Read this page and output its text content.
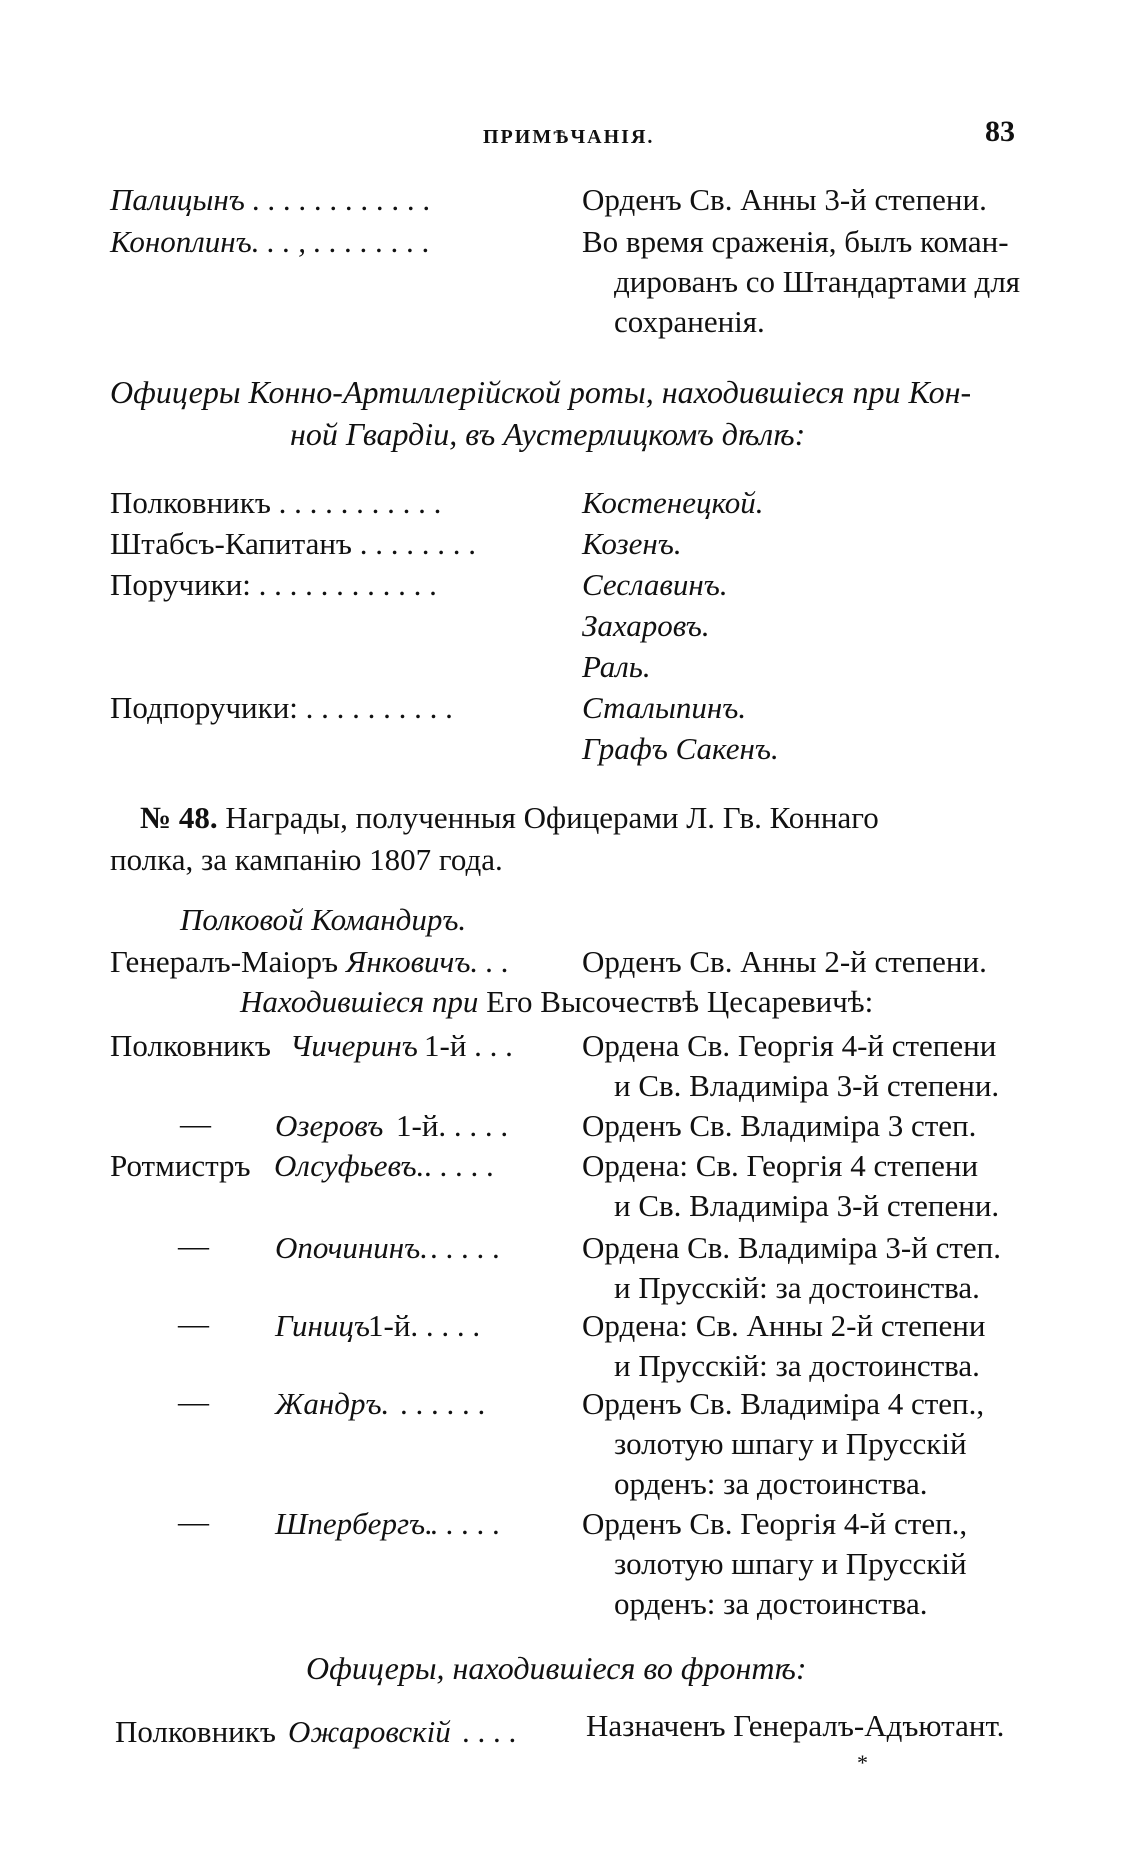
ПРИМѢЧАНІЯ.	83
Палицынъ . . . . . . . . . . . .	Орденъ Св. Анны 3-й степени.
Коноплинъ. . . , . . . . . . . .	Во время сраженія, былъ коман-
дированъ со Штандартами для
сохраненія.
Офицеры Конно-Артиллерійской роты, находившіеся при Кон-
ной Гвардіи, въ Аустерлицкомъ дѣлѣ:
Полковникъ . . . . . . . . . . .	Костенецкой.
Штабсъ-Капитанъ . . . . . . . .	Козенъ.
Поручики: . . . . . . . . . . . .	Сеславинъ.
Захаровъ.
Раль.
Подпоручики: . . . . . . . . . .	Сталыпинъ.
Графъ Сакенъ.
№ 48. Награды, полученныя Офицерами Л. Гв. Коннаго
полка, за кампанію 1807 года.
Полковой Командиръ.
Генералъ-Маіоръ Янковичъ. . . Орденъ Св. Анны 2-й степени.
Находившіеся при Его Высочествѣ Цесаревичѣ:
Полковникъ Чичеринъ 1-й . . . Ордена Св. Георгія 4-й степени
и Св. Владиміра 3-й степени.
— Озеровъ 1-й. . . . . Орденъ Св. Владиміра 3 степ.
Ротмистръ Олсуфьевъ. . . . . .	Ордена: Св. Георгія 4 степени
и Св. Владиміра 3-й степени.
— Опочининъ. . . . . .	Ордена Св. Владиміра 3-й степ.
и Прусскій: за достоинства.
— Гиницъ
1-й. . . . .	Ордена: Св. Анны 2-й степени
и Прусскій: за достоинства.
— Жандръ. . . . . . .	Орденъ Св. Владиміра 4 степ.,
золотую шпагу и Прусскій
орденъ: за достоинства.
— Шпербергъ.
. . . . .	Орденъ Св. Георгія 4-й степ.,
золотую шпагу и Прусскій
орденъ: за достоинства.
Офицеры, находившіеся во фронтѣ:
Полковникъ Ожаровскій . . . . Назначенъ Генералъ-Адъютант.
*
